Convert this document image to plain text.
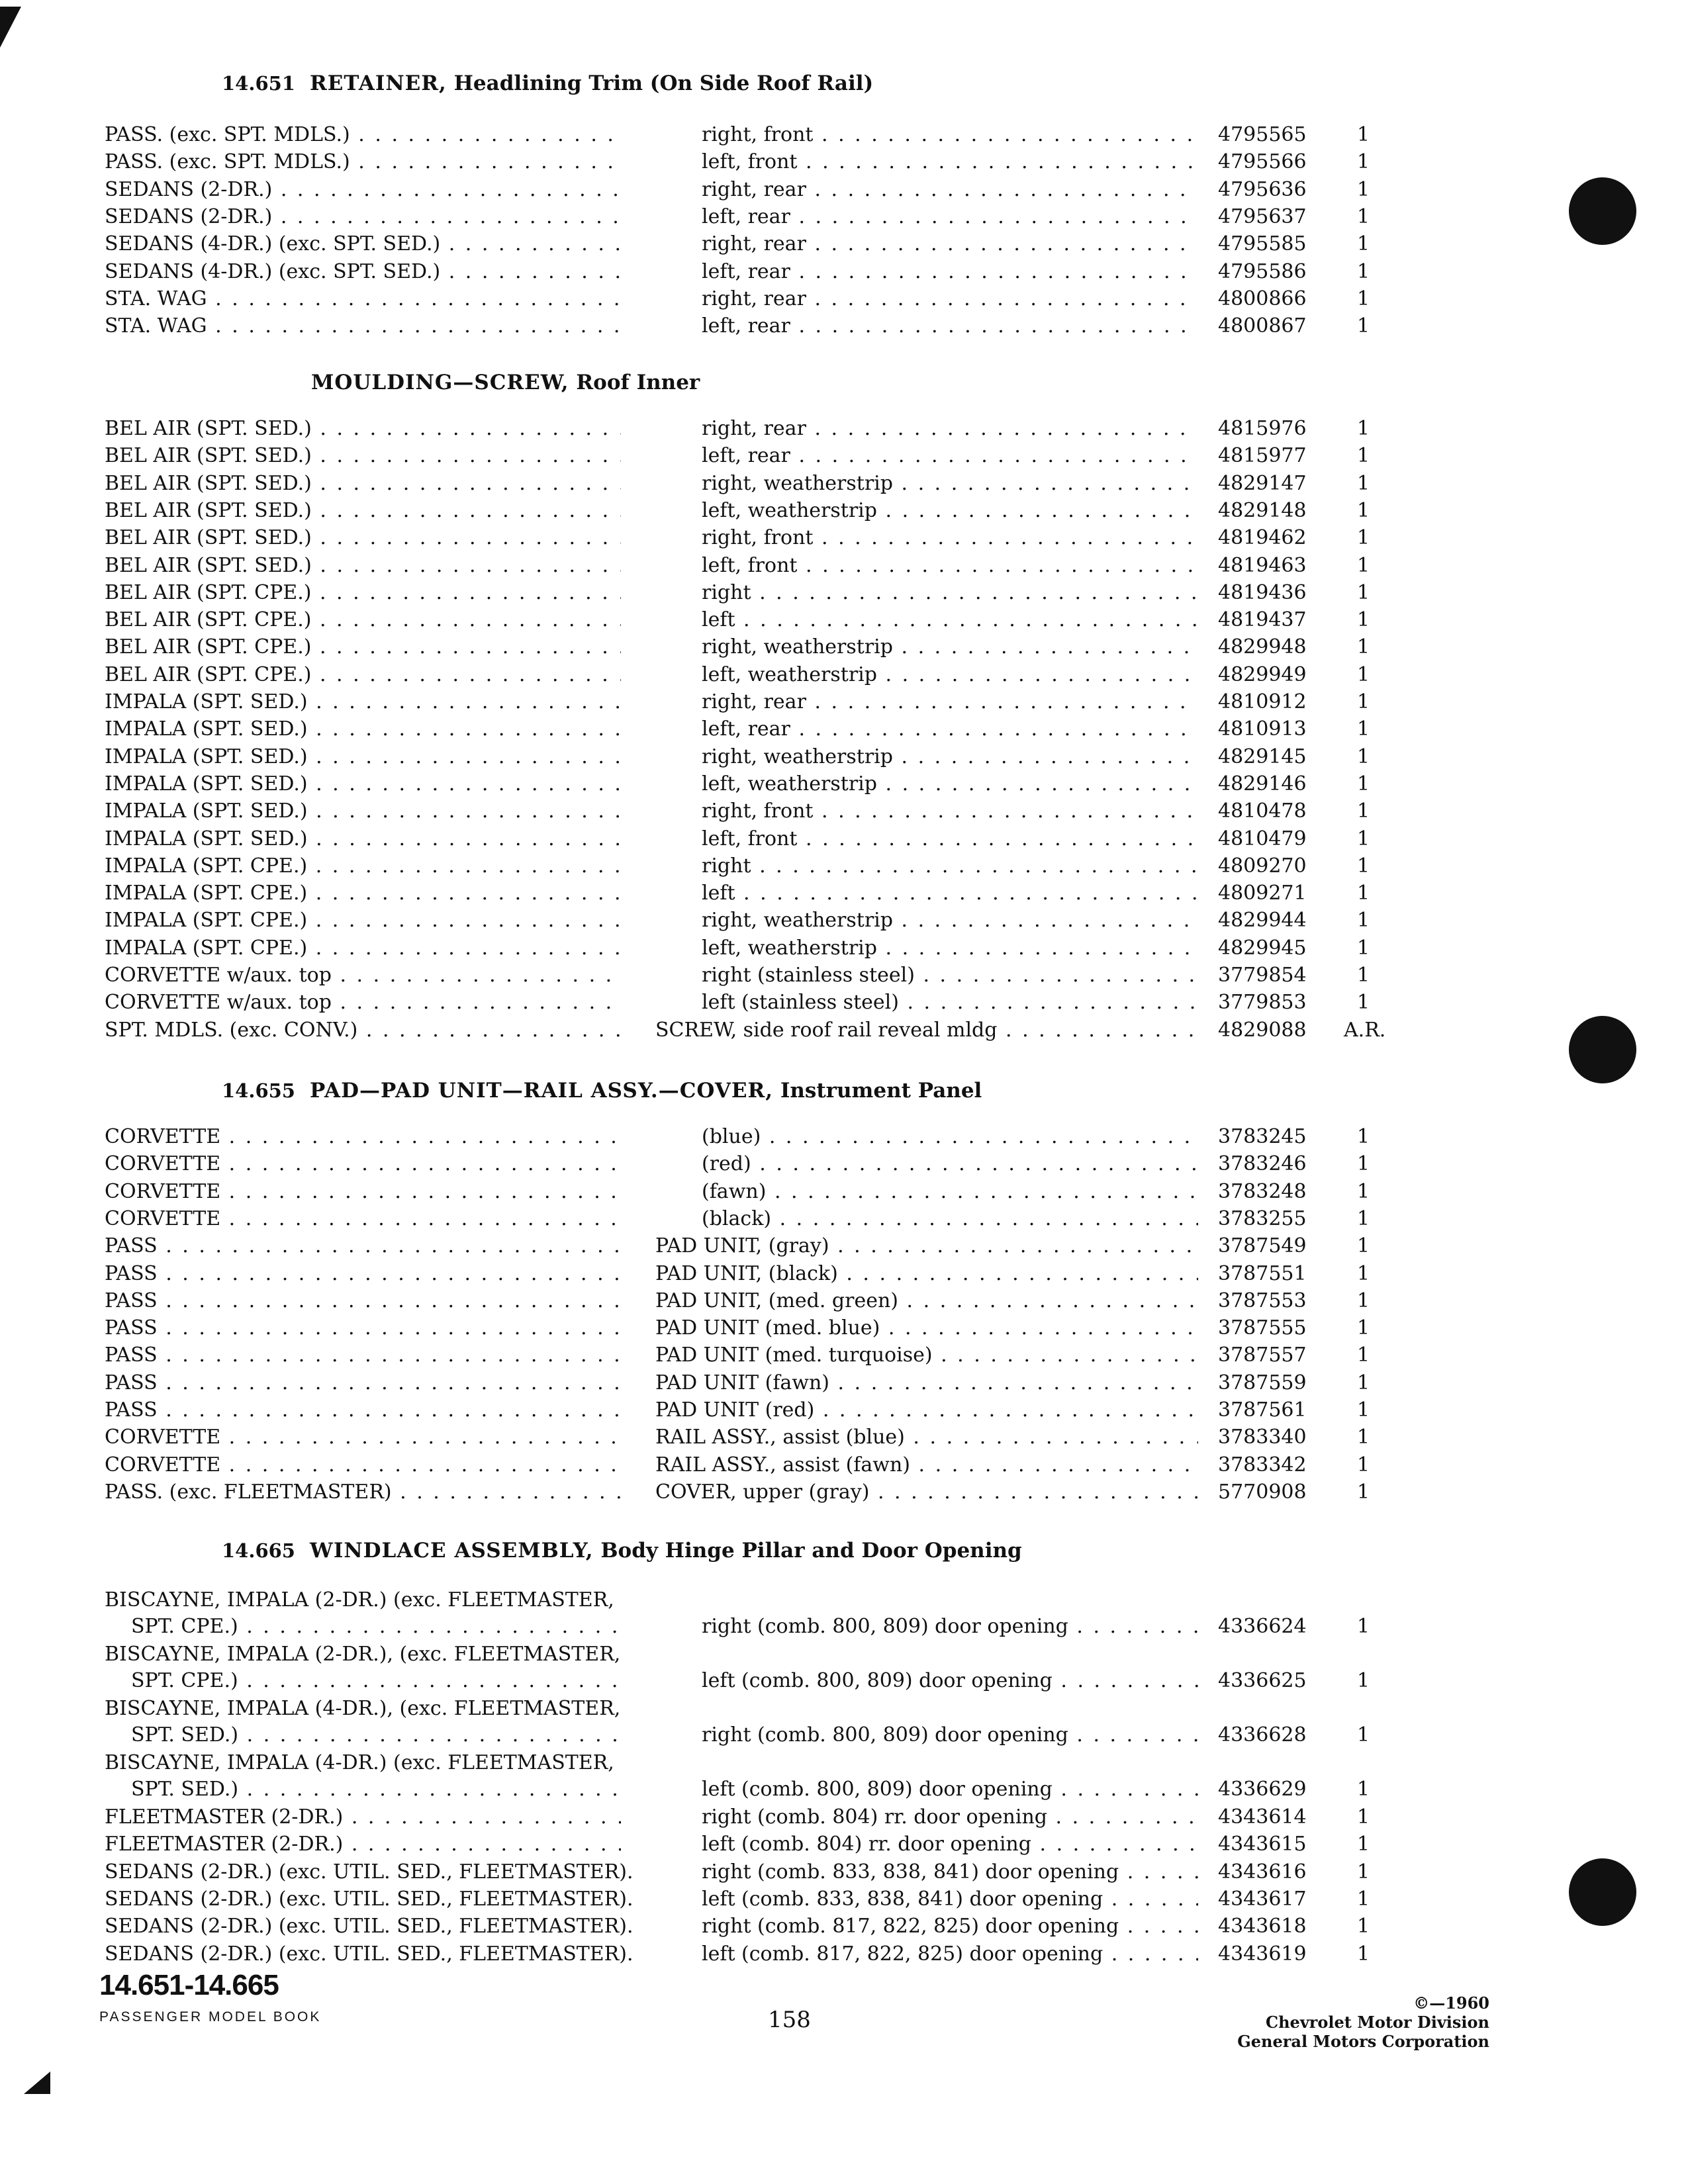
14.651 RETAINER, Headlining Trim (On Side Roof Rail)
PASS. (exc. SPT. MDLS.) . . .	right, front . . .	4795565	1
PASS. (exc. SPT. MDLS.) . . .	left, front . . .	4795566	1
SEDANS (2-DR.) . . .	right, rear . . .	4795636	1
SEDANS (2-DR.) . . .	left, rear . . .	4795637	1
SEDANS (4-DR.) (exc. SPT. SED.) . . .	right, rear . . .	4795585	1
SEDANS (4-DR.) (exc. SPT. SED.) . . .	left, rear . . .	4795586	1
STA. WAG . . .	right, rear . . .	4800866	1
STA. WAG . . .	left, rear . . .	4800867	1
MOULDING—SCREW, Roof Inner
BEL AIR (SPT. SED.) . . .	right, rear . . .	4815976	1
BEL AIR (SPT. SED.) . . .	left, rear . . .	4815977	1
BEL AIR (SPT. SED.) . . .	right, weatherstrip . . .	4829147	1
BEL AIR (SPT. SED.) . . .	left, weatherstrip . . .	4829148	1
BEL AIR (SPT. SED.) . . .	right, front . . .	4819462	1
BEL AIR (SPT. SED.) . . .	left, front . . .	4819463	1
BEL AIR (SPT. CPE.) . . .	right . . .	4819436	1
BEL AIR (SPT. CPE.) . . .	left . . .	4819437	1
BEL AIR (SPT. CPE.) . . .	right, weatherstrip . . .	4829948	1
BEL AIR (SPT. CPE.) . . .	left, weatherstrip . . .	4829949	1
IMPALA (SPT. SED.) . . .	right, rear . . .	4810912	1
IMPALA (SPT. SED.) . . .	left, rear . . .	4810913	1
IMPALA (SPT. SED.) . . .	right, weatherstrip . . .	4829145	1
IMPALA (SPT. SED.) . . .	left, weatherstrip . . .	4829146	1
IMPALA (SPT. SED.) . . .	right, front . . .	4810478	1
IMPALA (SPT. SED.) . . .	left, front . . .	4810479	1
IMPALA (SPT. CPE.) . . .	right . . .	4809270	1
IMPALA (SPT. CPE.) . . .	left . . .	4809271	1
IMPALA (SPT. CPE.) . . .	right, weatherstrip . . .	4829944	1
IMPALA (SPT. CPE.) . . .	left, weatherstrip . . .	4829945	1
CORVETTE w/aux. top . . .	right (stainless steel) . . .	3779854	1
CORVETTE w/aux. top . . .	left (stainless steel) . . .	3779853	1
SPT. MDLS. (exc. CONV.) . . .	SCREW, side roof rail reveal mldg . . .	4829088 A.R.
14.655 PAD—PAD UNIT—RAIL ASSY.—COVER, Instrument Panel
CORVETTE . . .	(blue) . . .	3783245	1
CORVETTE . . .	(red) . . .	3783246	1
CORVETTE . . .	(fawn) . . .	3783248	1
CORVETTE . . .	(black) . . .	3783255	1
PASS . . .	PAD UNIT, (gray) . . .	3787549	1
PASS . . .	PAD UNIT, (black) . . .	3787551	1
PASS . . .	PAD UNIT, (med. green) . . .	3787553	1
PASS . . .	PAD UNIT (med. blue) . . .	3787555	1
PASS . . .	PAD UNIT (med. turquoise) . . .	3787557	1
PASS . . .	PAD UNIT (fawn) . . .	3787559	1
PASS . . .	PAD UNIT (red) . . .	3787561	1
CORVETTE . . .	RAIL ASSY., assist (blue) . . .	3783340	1
CORVETTE . . .	RAIL ASSY., assist (fawn) . . .	3783342	1
PASS. (exc. FLEETMASTER) . . .	COVER, upper (gray) . . .	5770908	1
14.665 WINDLACE ASSEMBLY, Body Hinge Pillar and Door Opening
BISCAYNE, IMPALA (2-DR.) (exc. FLEETMASTER,
SPT. CPE.) . . .	right (comb. 800, 809) door opening . . .	4336624	1
BISCAYNE, IMPALA (2-DR.), (exc. FLEETMASTER,
SPT. CPE.) . . .	left (comb. 800, 809) door opening . . .	4336625	1
BISCAYNE, IMPALA (4-DR.), (exc. FLEETMASTER,
SPT. SED.) . . .	right (comb. 800, 809) door opening . . .	4336628	1
BISCAYNE, IMPALA (4-DR.) (exc. FLEETMASTER,
SPT. SED.) . . .	left (comb. 800, 809) door opening . . .	4336629	1
FLEETMASTER (2-DR.) . . .	right (comb. 804) rr. door opening . . .	4343614	1
FLEETMASTER (2-DR.) . . .	left (comb. 804) rr. door opening . . .	4343615	1
SEDANS (2-DR.) (exc. UTIL. SED., FLEETMASTER).	right (comb. 833, 838, 841) door opening . . .	4343616	1
SEDANS (2-DR.) (exc. UTIL. SED., FLEETMASTER).	left (comb. 833, 838, 841) door opening . . .	4343617	1
SEDANS (2-DR.) (exc. UTIL. SED., FLEETMASTER).	right (comb. 817, 822, 825) door opening . . .	4343618	1
SEDANS (2-DR.) (exc. UTIL. SED., FLEETMASTER).	left (comb. 817, 822, 825) door opening . . .	4343619	1
14.651-14.665
PASSENGER MODEL BOOK	158
©—1960
Chevrolet Motor Division
General Motors Corporation
